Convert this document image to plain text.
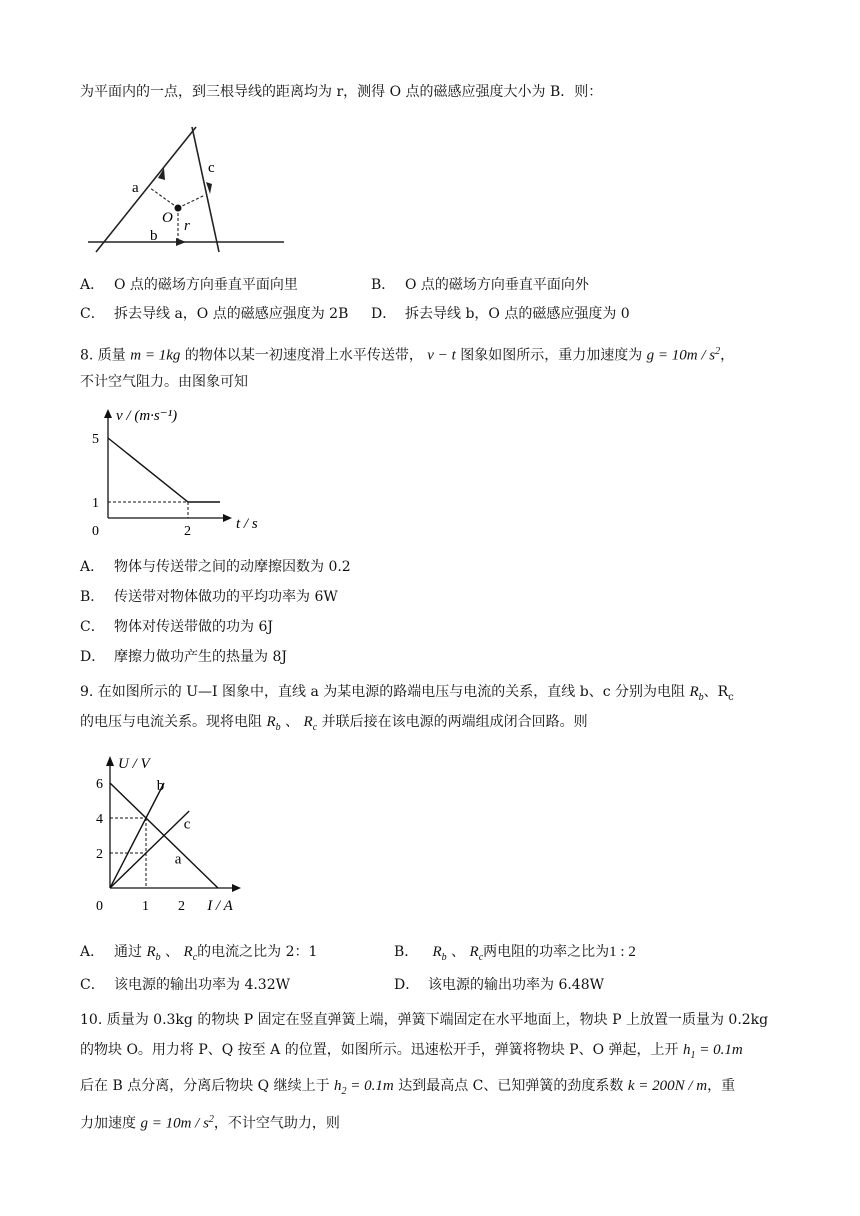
为平面内的一点，到三根导线的距离均为 r，测得 O 点的磁感应强度大小为 B．则：
a
c
O r
b
A． O 点的磁场方向垂直平面向里	B． O 点的磁场方向垂直平面向外
C． 拆去导线 a，O 点的磁感应强度为 2B D． 拆去导线 b，O 点的磁感应强度为 0
8. 质量 m = 1kg 的物体以某一初速度滑上水平传送带， v − t 图象如图所示，重力加速度为 $g = 10m / s^2$，
不计空气阻力。由图象可知
5
1
2
0
v / (m·s⁻¹)
t / s
A． 物体与传送带之间的动摩擦因数为 0.2
B． 传送带对物体做功的平均功率为 6W
C． 物体对传送带做的功为 6J
D． 摩擦力做功产生的热量为 8J
9. 在如图所示的 U—I 图象中，直线 a 为某电源的路端电压与电流的关系，直线 b、c 分别为电阻 $R_b$、$R_c$
的电压与电流关系。现将电阻 $R_b$ 、 $R_c$ 并联后接在该电源的两端组成闭合回路。则
6
4
2
1 2
0
U / V
I / A
b
c
a
A． 通过 $R_b$ 、 $R_c$的电流之比为 2：1	B． $R_b$ 、 $R_c$两电阻的功率之比为1 : 2
C． 该电源的输出功率为 4.32W	D． 该电源的输出功率为 6.48W
10. 质量为 0.3kg 的物块 P 固定在竖直弹簧上端，弹簧下端固定在水平地面上，物块 P 上放置一质量为 0.2kg
的物块 O。用力将 P、Q 按至 A 的位置，如图所示。迅速松开手，弹簧将物块 P、O 弹起，上开 $h_1 = 0.1m$
后在 B 点分离，分离后物块 Q 继续上于 $h_2 = 0.1m$ 达到最高点 C、已知弹簧的劲度系数 k = 200N / m，重
力加速度 $g = 10m / s^2$，不计空气助力，则
